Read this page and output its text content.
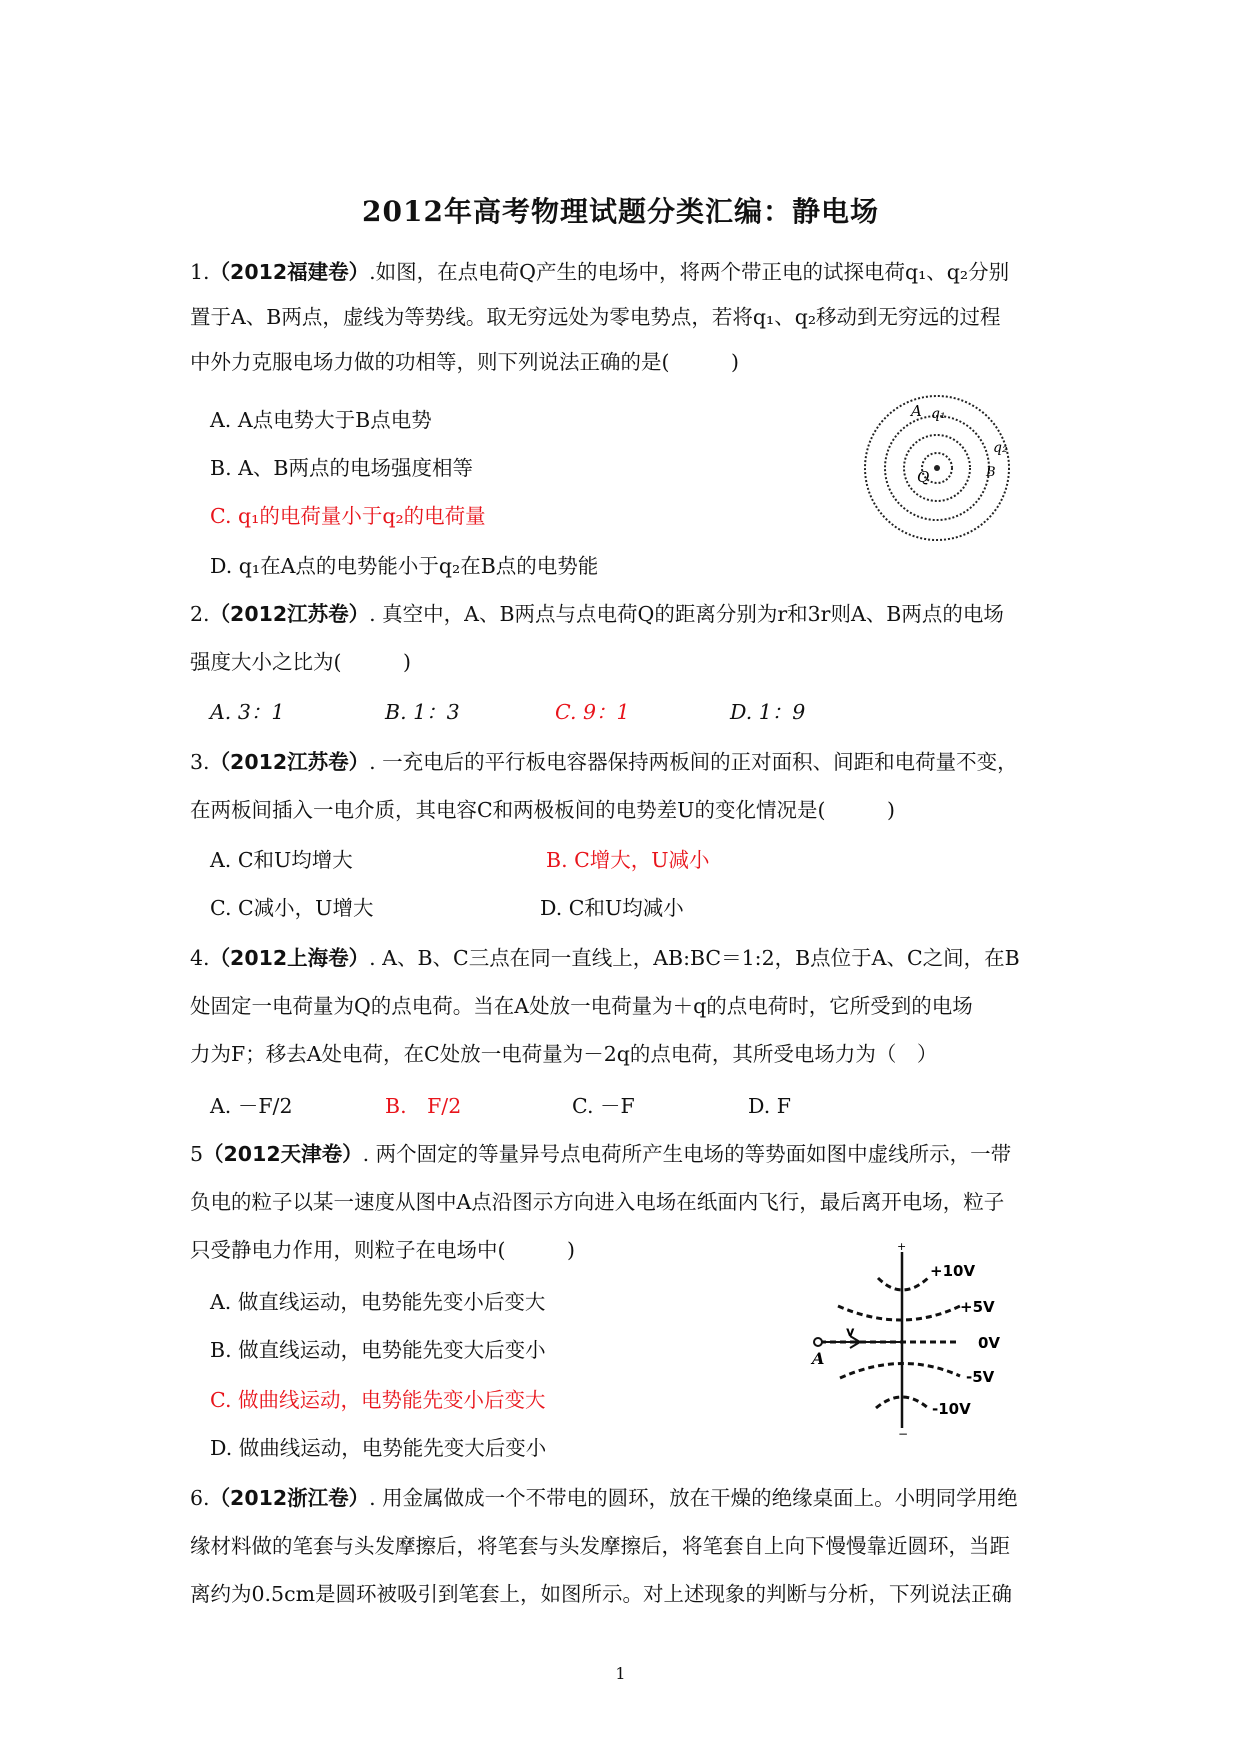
2012年高考物理试题分类汇编：静电场
1.（2012福建卷）.如图，在点电荷Q产生的电场中，将两个带正电的试探电荷q₁、q₂分别
置于A、B两点，虚线为等势线。取无穷远处为零电势点，若将q₁、q₂移动到无穷远的过程
中外力克服电场力做的功相等，则下列说法正确的是(　　　)
A. A点电势大于B点电势
B. A、B两点的电场强度相等
C. q₁的电荷量小于q₂的电荷量
D. q₁在A点的电势能小于q₂在B点的电势能
A q₁
q₂
Q	B
2.（2012江苏卷）. 真空中，A、B两点与点电荷Q的距离分别为r和3r则A、B两点的电场
强度大小之比为(　　　)
A. 3：1	B. 1：3	C. 9：1	D. 1：9
3.（2012江苏卷）. 一充电后的平行板电容器保持两板间的正对面积、间距和电荷量不变，
在两板间插入一电介质，其电容C和两极板间的电势差U的变化情况是(　　　)
A. C和U均增大	B. C增大，U减小
C. C减小，U增大	D. C和U均减小
4.（2012上海卷）. A、B、C三点在同一直线上，AB:BC＝1:2，B点位于A、C之间，在B
处固定一电荷量为Q的点电荷。当在A处放一电荷量为＋q的点电荷时，它所受到的电场
力为F；移去A处电荷，在C处放一电荷量为－2q的点电荷，其所受电场力为（　）
A. －F/2	B.　F/2	C. －F	D. F
5（2012天津卷）. 两个固定的等量异号点电荷所产生电场的等势面如图中虚线所示，一带
负电的粒子以某一速度从图中A点沿图示方向进入电场在纸面内飞行，最后离开电场，粒子
只受静电力作用，则粒子在电场中(　　　)
A. 做直线运动，电势能先变小后变大
B. 做直线运动，电势能先变大后变小
C. 做曲线运动，电势能先变小后变大
D. 做曲线运动，电势能先变大后变小
+
−
A
v
+10V
+5V
0V
-5V
-10V
6.（2012浙江卷）. 用金属做成一个不带电的圆环，放在干燥的绝缘桌面上。小明同学用绝
缘材料做的笔套与头发摩擦后，将笔套与头发摩擦后，将笔套自上向下慢慢靠近圆环，当距
离约为0.5cm是圆环被吸引到笔套上，如图所示。对上述现象的判断与分析，下列说法正确
1
